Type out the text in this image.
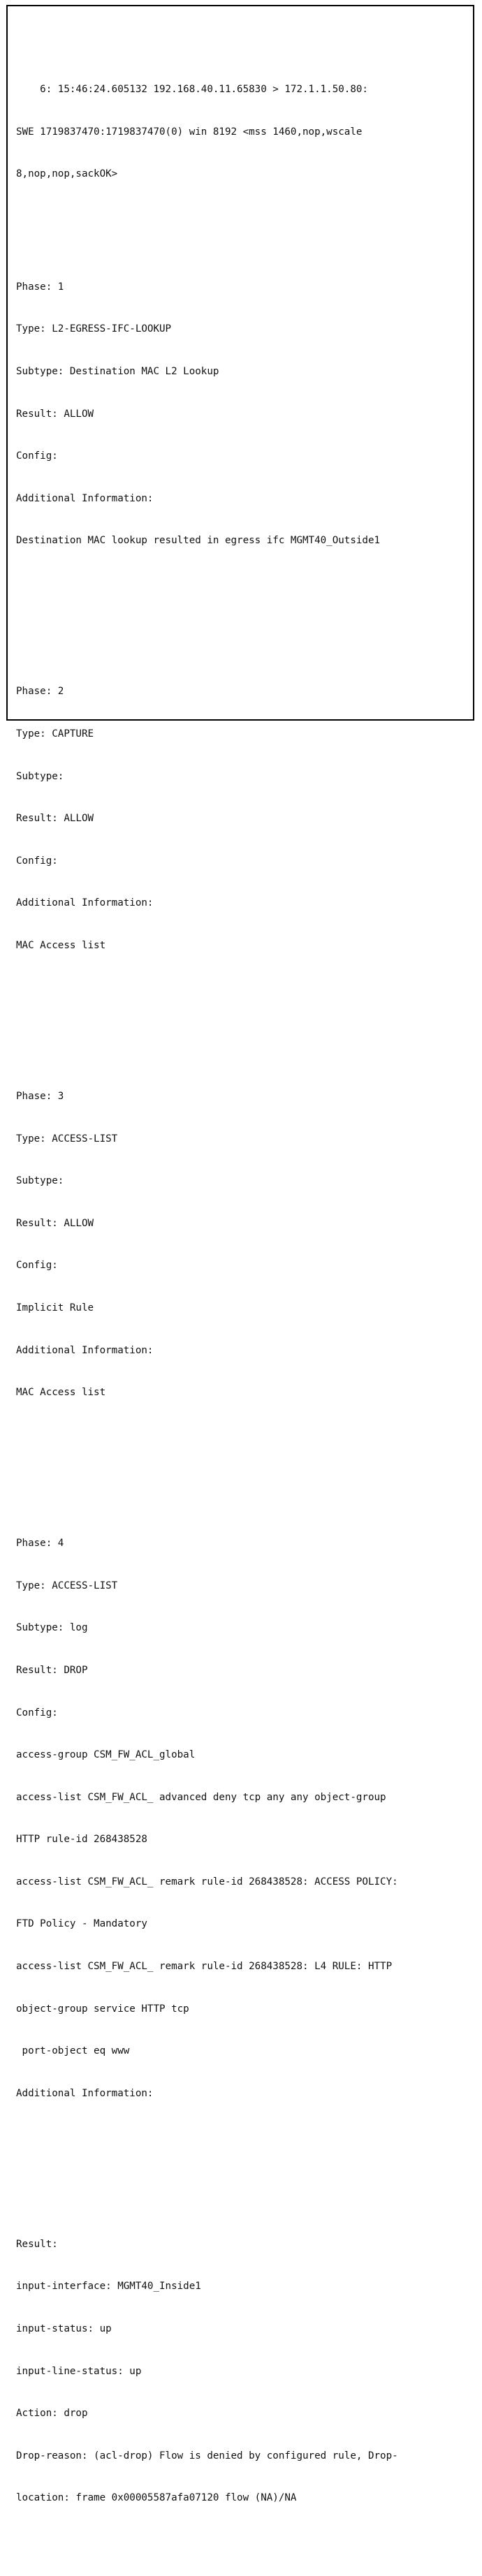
6: 15:46:24.605132 192.168.40.11.65830 > 172.1.1.50.80:

SWE 1719837470:1719837470(0) win 8192 <mss 1460,nop,wscale

8,nop,nop,sackOK>

Phase: 1

Type: L2-EGRESS-IFC-LOOKUP

Subtype: Destination MAC L2 Lookup

Result: ALLOW

Config:

Additional Information:

Destination MAC lookup resulted in egress ifc MGMT40_Outside1

Phase: 2

Type: CAPTURE

Subtype:

Result: ALLOW

Config:

Additional Information:

MAC Access list

Phase: 3

Type: ACCESS-LIST

Subtype:

Result: ALLOW

Config:

Implicit Rule

Additional Information:

MAC Access list

Phase: 4

Type: ACCESS-LIST

Subtype: log

Result: DROP

Config:

access-group CSM_FW_ACL_global

access-list CSM_FW_ACL_ advanced deny tcp any any object-group

HTTP rule-id 268438528

access-list CSM_FW_ACL_ remark rule-id 268438528: ACCESS POLICY:

FTD Policy - Mandatory

access-list CSM_FW_ACL_ remark rule-id 268438528: L4 RULE: HTTP

object-group service HTTP tcp

port-object eq www

Additional Information:

Result:

input-interface: MGMT40_Inside1

input-status: up

input-line-status: up

Action: drop

Drop-reason: (acl-drop) Flow is denied by configured rule, Drop-

location: frame 0x00005587afa07120 flow (NA)/NA
